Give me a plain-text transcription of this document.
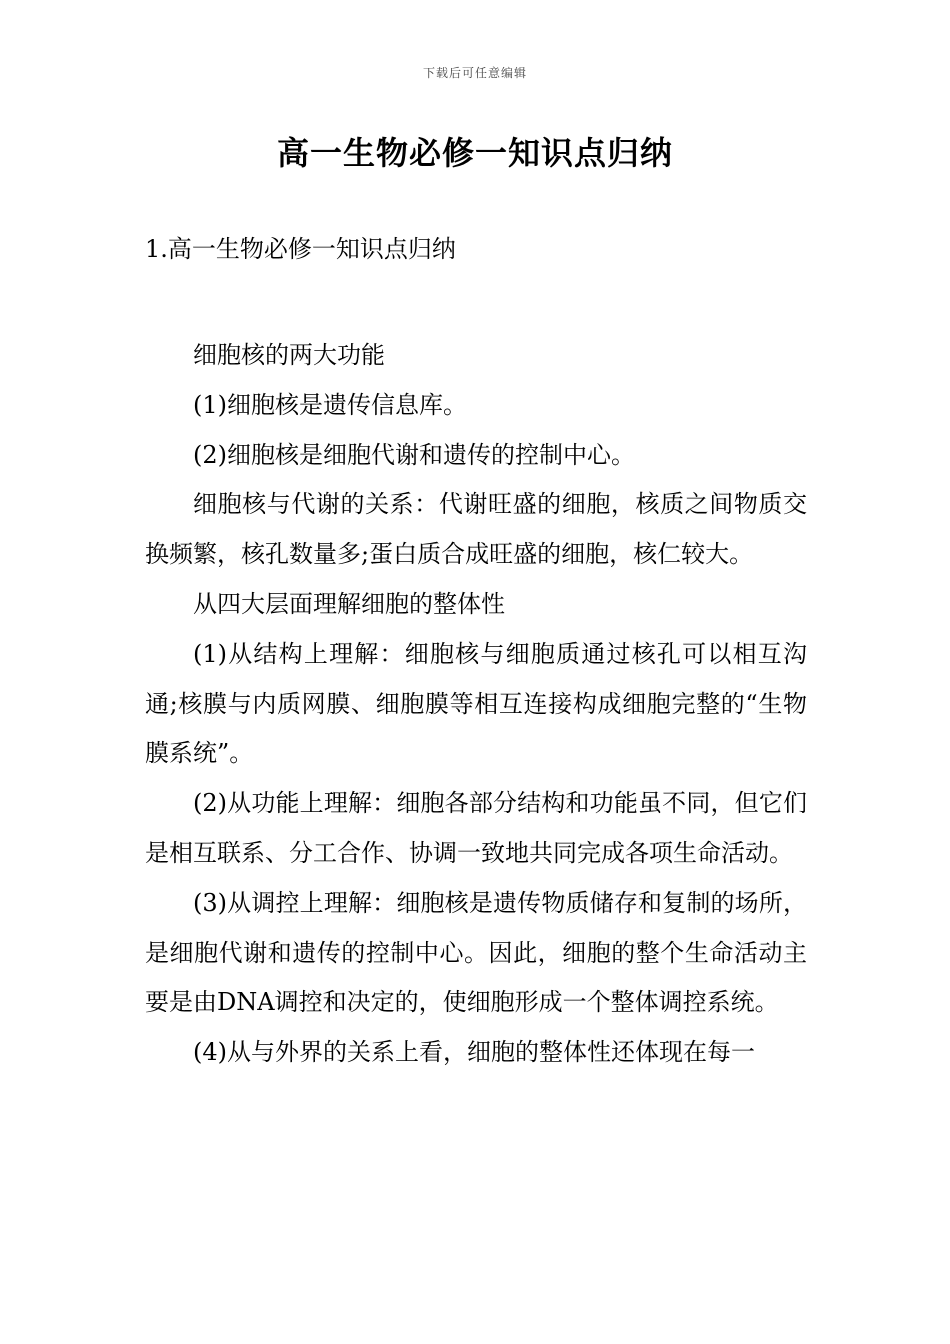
下载后可任意编辑
高一生物必修一知识点归纳
1.高一生物必修一知识点归纳

细胞核的两大功能

(1)细胞核是遗传信息库。

(2)细胞核是细胞代谢和遗传的控制中心。

细胞核与代谢的关系：代谢旺盛的细胞，核质之间物质交换频繁，核孔数量多;蛋白质合成旺盛的细胞，核仁较大。

从四大层面理解细胞的整体性

(1)从结构上理解：细胞核与细胞质通过核孔可以相互沟通;核膜与内质网膜、细胞膜等相互连接构成细胞完整的“生物膜系统”。

(2)从功能上理解：细胞各部分结构和功能虽不同，但它们是相互联系、分工合作、协调一致地共同完成各项生命活动。

(3)从调控上理解：细胞核是遗传物质储存和复制的场所，是细胞代谢和遗传的控制中心。因此，细胞的整个生命活动主要是由DNA调控和决定的，使细胞形成一个整体调控系统。

(4)从与外界的关系上看，细胞的整体性还体现在每一
